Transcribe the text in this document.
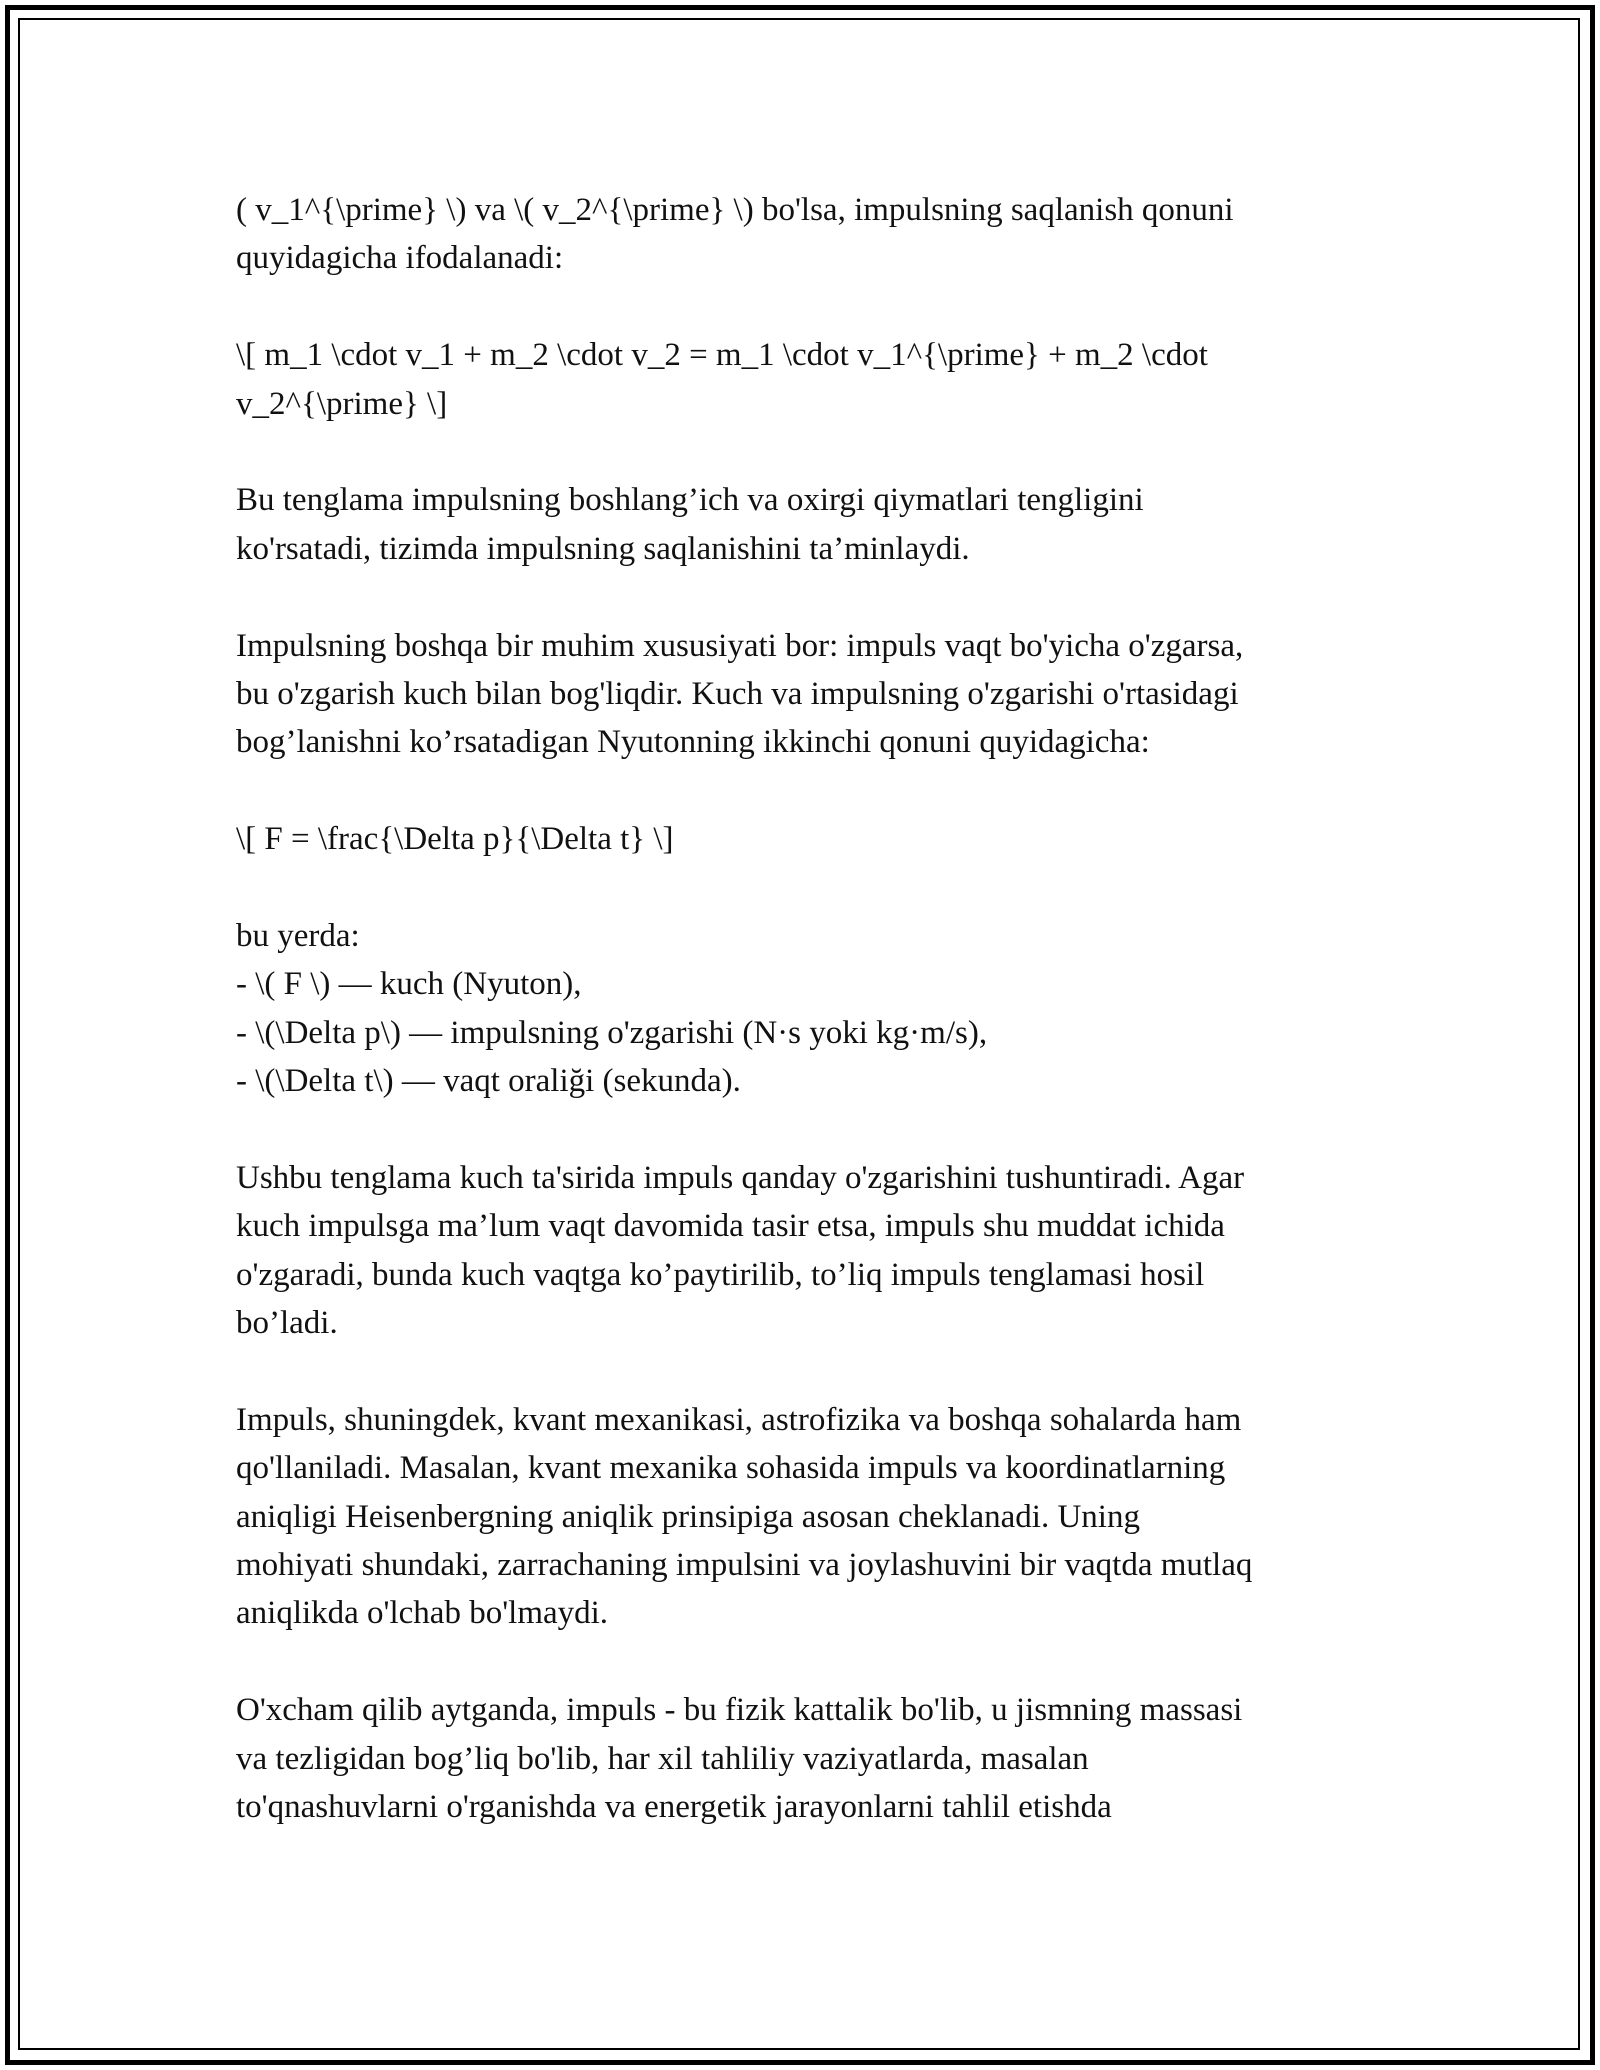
( v_1^{\prime} \) va \( v_2^{\prime} \) bo'lsa, impulsning saqlanish qonuni
quyidagicha ifodalanadi:
\[ m_1 \cdot v_1 + m_2 \cdot v_2 = m_1 \cdot v_1^{\prime} + m_2 \cdot
v_2^{\prime} \]
Bu tenglama impulsning boshlang’ich va oxirgi qiymatlari tengligini
ko'rsatadi, tizimda impulsning saqlanishini ta’minlaydi.
Impulsning boshqa bir muhim xususiyati bor: impuls vaqt bo'yicha o'zgarsa,
bu o'zgarish kuch bilan bog'liqdir. Kuch va impulsning o'zgarishi o'rtasidagi
bog’lanishni ko’rsatadigan Nyutonning ikkinchi qonuni quyidagicha:
\[ F = \frac{\Delta p}{\Delta t} \]
bu yerda:
- \( F \) — kuch (Nyuton),
- \(\Delta p\) — impulsning o'zgarishi (N·s yoki kg·m/s),
- \(\Delta t\) — vaqt oraliği (sekunda).
Ushbu tenglama kuch ta'sirida impuls qanday o'zgarishini tushuntiradi. Agar
kuch impulsga ma’lum vaqt davomida tasir etsa, impuls shu muddat ichida
o'zgaradi, bunda kuch vaqtga ko’paytirilib, to’liq impuls tenglamasi hosil
bo’ladi.
Impuls, shuningdek, kvant mexanikasi, astrofizika va boshqa sohalarda ham
qo'llaniladi. Masalan, kvant mexanika sohasida impuls va koordinatlarning
aniqligi Heisenbergning aniqlik prinsipiga asosan cheklanadi. Uning
mohiyati shundaki, zarrachaning impulsini va joylashuvini bir vaqtda mutlaq
aniqlikda o'lchab bo'lmaydi.
O'xcham qilib aytganda, impuls - bu fizik kattalik bo'lib, u jismning massasi
va tezligidan bog’liq bo'lib, har xil tahliliy vaziyatlarda, masalan
to'qnashuvlarni o'rganishda va energetik jarayonlarni tahlil etishda
